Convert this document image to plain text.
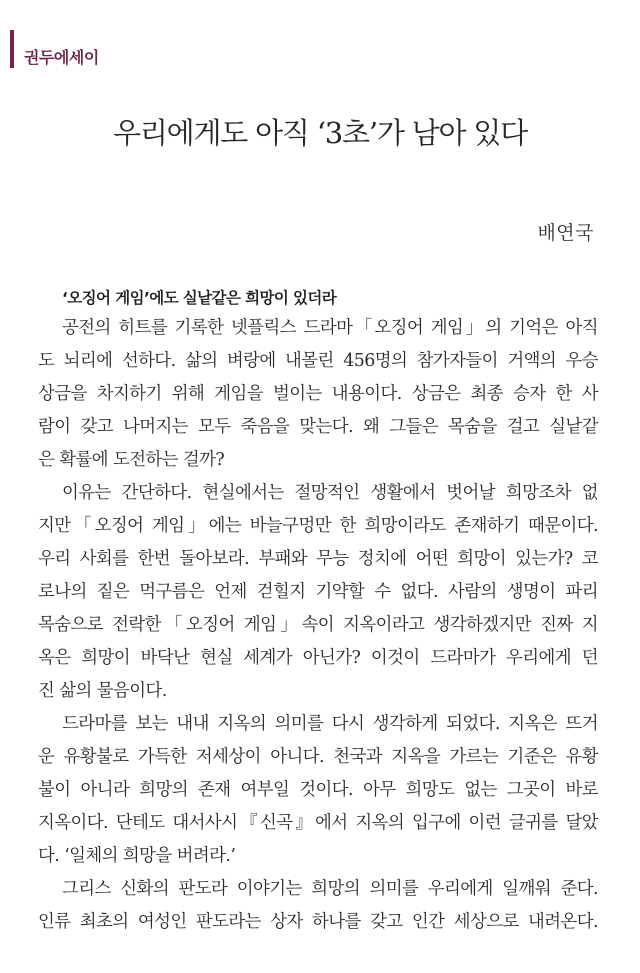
권두에세이
우리에게도 아직 ‘3초’가 남아 있다
배연국
‘오징어 게임’에도 실낱같은 희망이 있더라
공전의 히트를 기록한 넷플릭스 드라마「오징어 게임」의 기억은 아직
도 뇌리에 선하다. 삶의 벼랑에 내몰린 456명의 참가자들이 거액의 우승
상금을 차지하기 위해 게임을 벌이는 내용이다. 상금은 최종 승자 한 사
람이 갖고 나머지는 모두 죽음을 맞는다. 왜 그들은 목숨을 걸고 실낱같
은 확률에 도전하는 걸까?
이유는 간단하다. 현실에서는 절망적인 생활에서 벗어날 희망조차 없
지만「오징어 게임」에는 바늘구멍만 한 희망이라도 존재하기 때문이다.
우리 사회를 한번 돌아보라. 부패와 무능 정치에 어떤 희망이 있는가? 코
로나의 짙은 먹구름은 언제 걷힐지 기약할 수 없다. 사람의 생명이 파리
목숨으로 전락한「오징어 게임」속이 지옥이라고 생각하겠지만 진짜 지
옥은 희망이 바닥난 현실 세계가 아닌가? 이것이 드라마가 우리에게 던
진 삶의 물음이다.
드라마를 보는 내내 지옥의 의미를 다시 생각하게 되었다. 지옥은 뜨거
운 유황불로 가득한 저세상이 아니다. 천국과 지옥을 가르는 기준은 유황
불이 아니라 희망의 존재 여부일 것이다. 아무 희망도 없는 그곳이 바로
지옥이다. 단테도 대서사시『신곡』에서 지옥의 입구에 이런 글귀를 달았
다. ‘일체의 희망을 버려라.’
그리스 신화의 판도라 이야기는 희망의 의미를 우리에게 일깨워 준다.
인류 최초의 여성인 판도라는 상자 하나를 갖고 인간 세상으로 내려온다.
